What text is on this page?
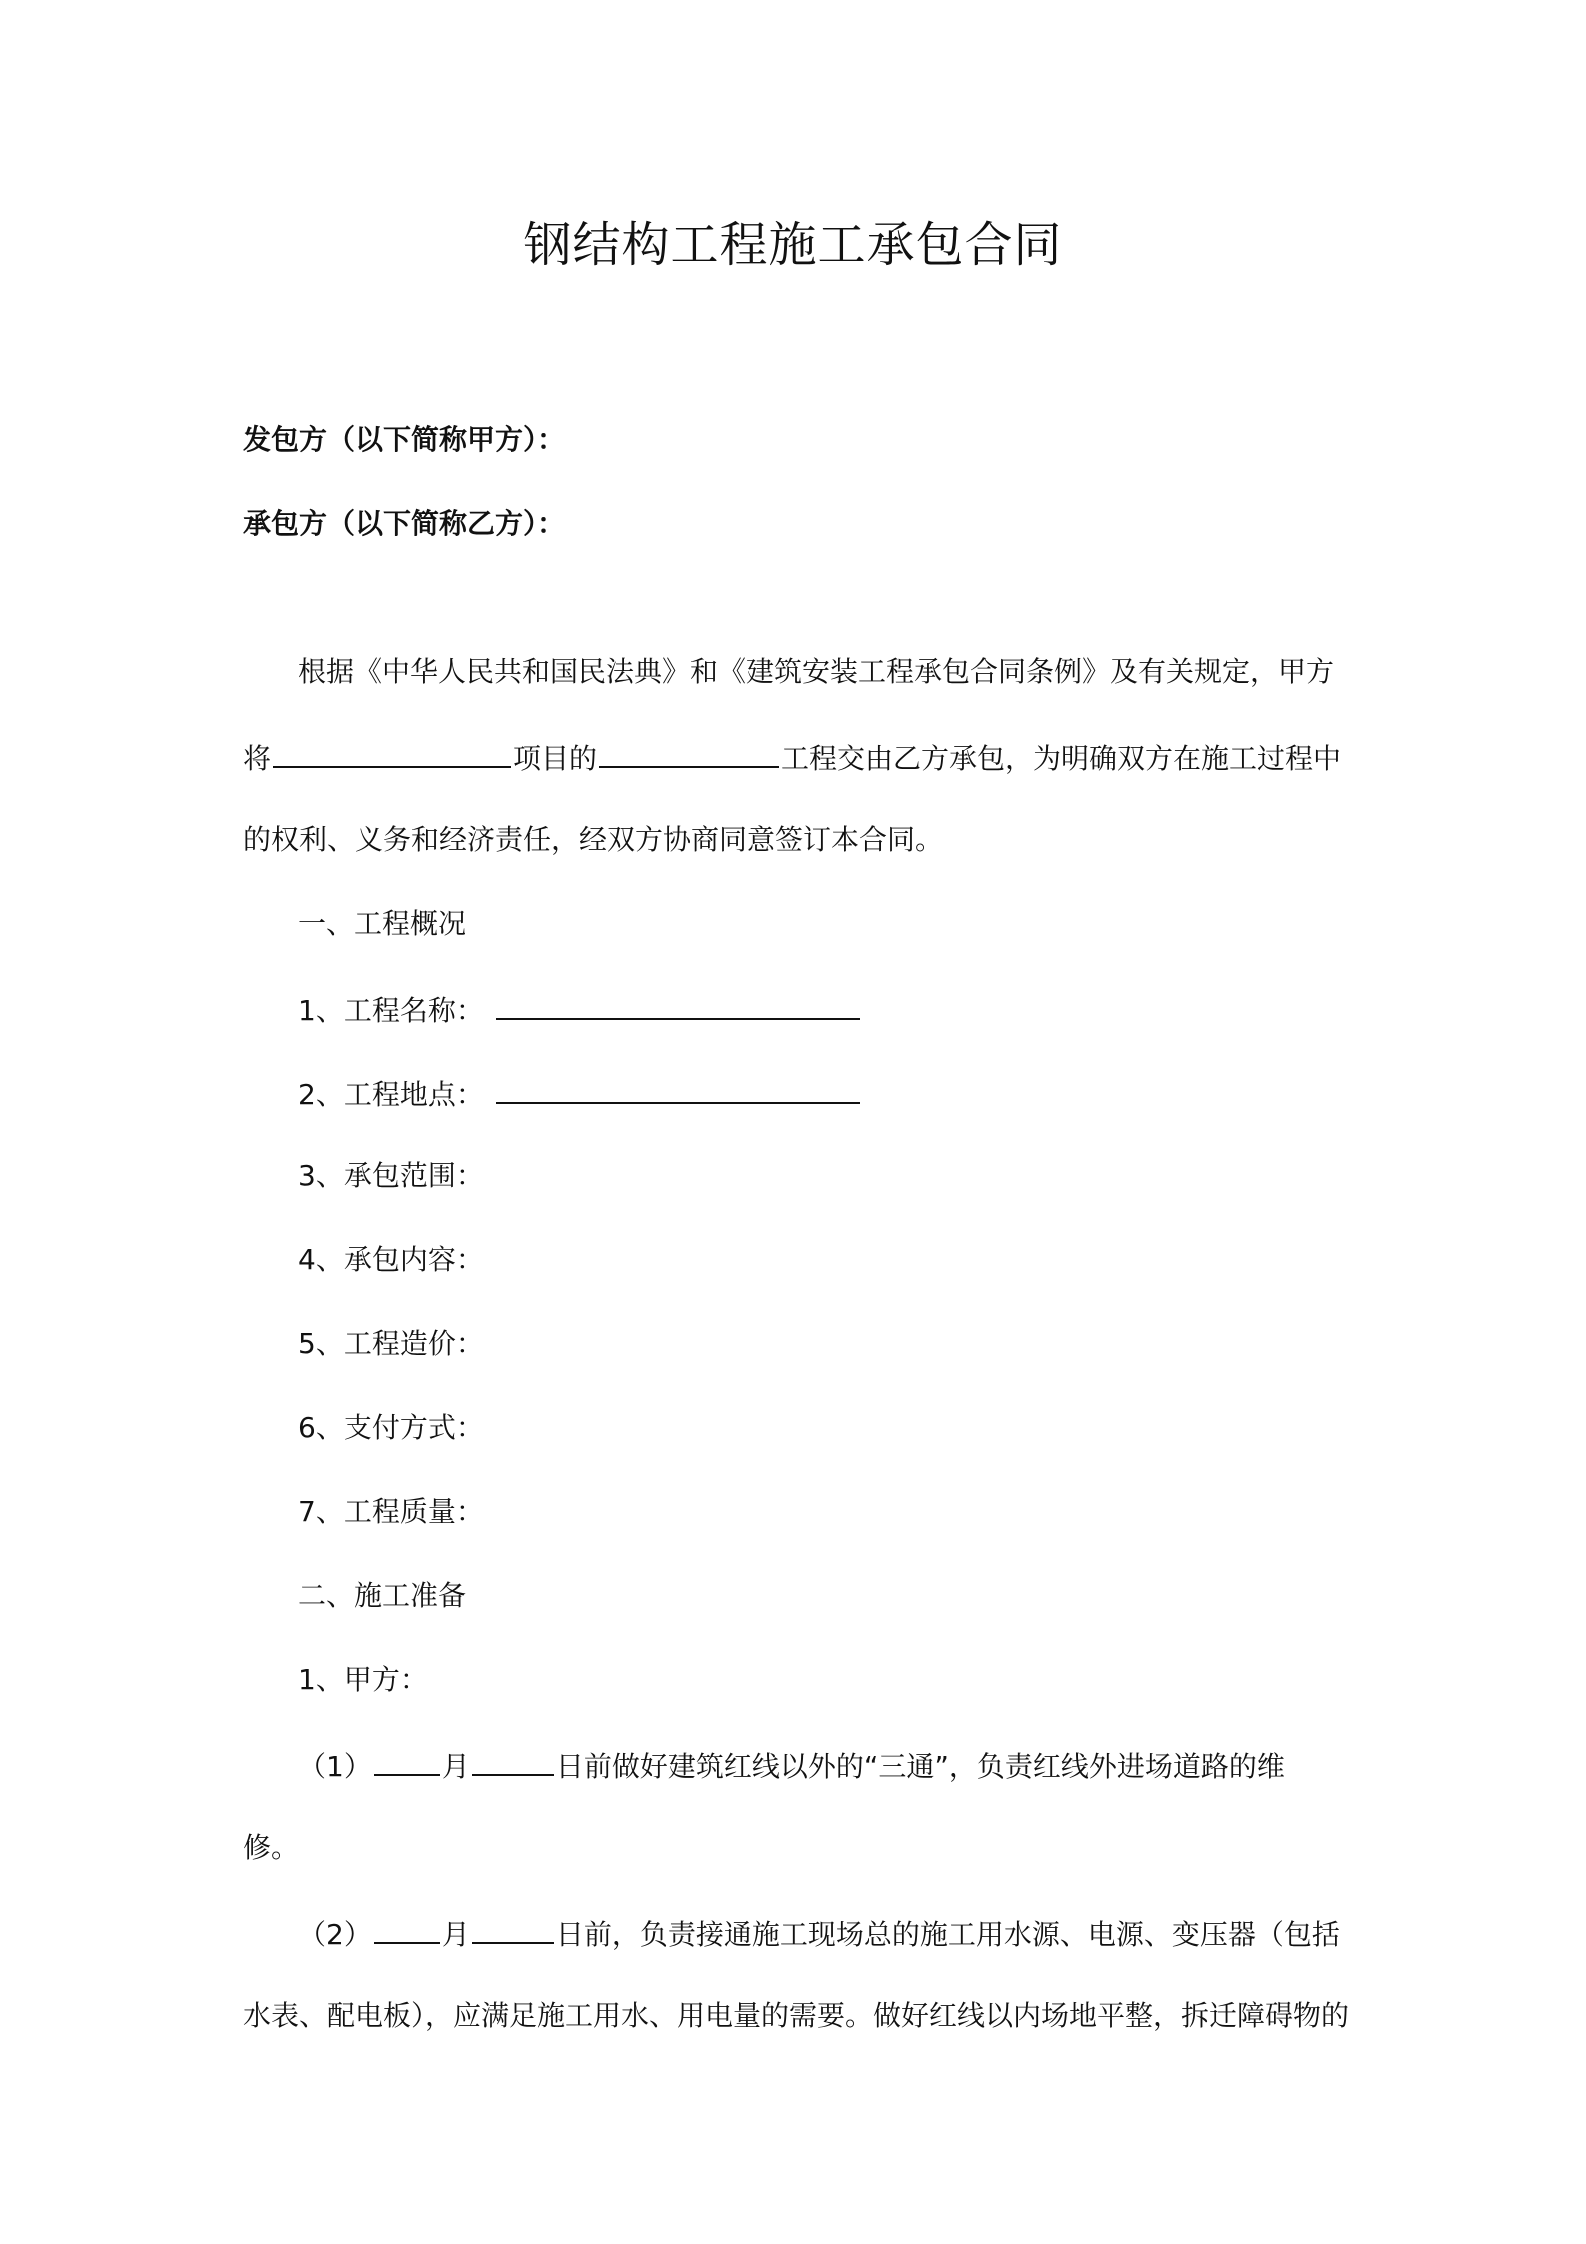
钢结构工程施工承包合同
发包方（以下简称甲方）：
承包方（以下简称乙方）：
根据《中华人民共和国民法典》和《建筑安装工程承包合同条例》及有关规定，甲方
将	项目的	工程交由乙方承包，为明确双方在施工过程中
的权利、义务和经济责任，经双方协商同意签订本合同。
一、工程概况
1、工程名称：
2、工程地点：
3、承包范围：
4、承包内容：
5、工程造价：
6、支付方式：
7、工程质量：
二、施工准备
1、甲方：
（1）	月	日前做好建筑红线以外的“三通”，负责红线外进场道路的维
修。
（2）	月	日前，负责接通施工现场总的施工用水源、电源、变压器（包括
水表、配电板），应满足施工用水、用电量的需要。做好红线以内场地平整，拆迁障碍物的
